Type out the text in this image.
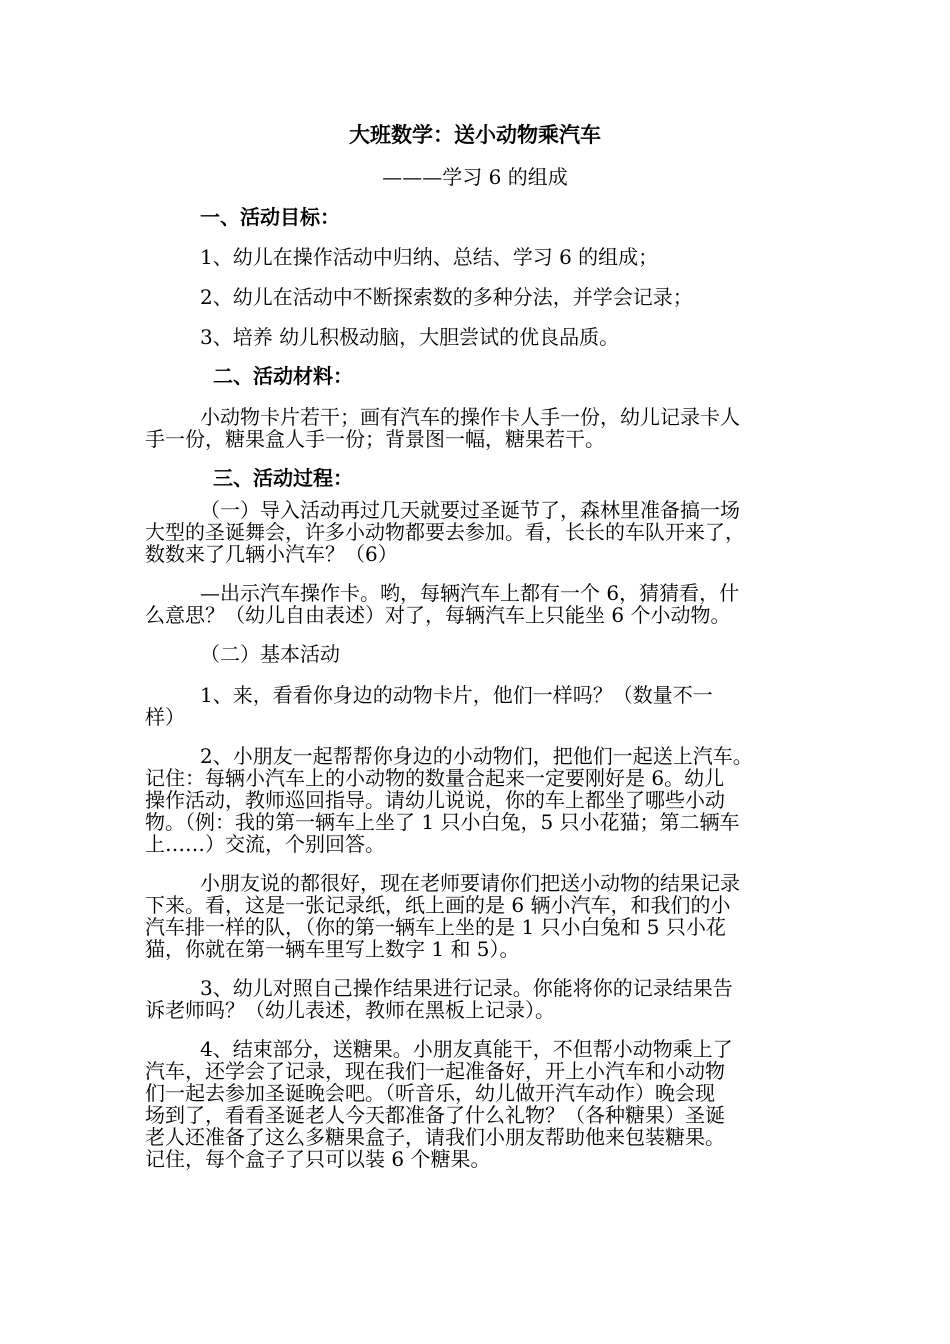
大班数学：送小动物乘汽车
———学习 6 的组成
一、活动目标：
1、幼儿在操作活动中归纳、总结、学习 6 的组成；
2、幼儿在活动中不断探索数的多种分法，并学会记录；
3、培养 幼儿积极动脑，大胆尝试的优良品质。
二、活动材料：
小动物卡片若干；画有汽车的操作卡人手一份，幼儿记录卡人
手一份，糖果盒人手一份；背景图一幅，糖果若干。
三、活动过程：
（一）导入活动再过几天就要过圣诞节了，森林里准备搞一场
大型的圣诞舞会，许多小动物都要去参加。看，长长的车队开来了，
数数来了几辆小汽车？（6）
—出示汽车操作卡。哟，每辆汽车上都有一个 6，猜猜看，什
么意思？（幼儿自由表述）对了，每辆汽车上只能坐 6 个小动物。
（二）基本活动
1、来，看看你身边的动物卡片，他们一样吗？（数量不一
样）
2、小朋友一起帮帮你身边的小动物们，把他们一起送上汽车。
记住：每辆小汽车上的小动物的数量合起来一定要刚好是 6。幼儿
操作活动，教师巡回指导。请幼儿说说，你的车上都坐了哪些小动
物。（例：我的第一辆车上坐了 1 只小白兔，5 只小花猫；第二辆车
上……）交流，个别回答。
小朋友说的都很好，现在老师要请你们把送小动物的结果记录
下来。看，这是一张记录纸，纸上画的是 6 辆小汽车，和我们的小
汽车排一样的队，（你的第一辆车上坐的是 1 只小白兔和 5 只小花
猫，你就在第一辆车里写上数字 1 和 5）。
3、幼儿对照自己操作结果进行记录。你能将你的记录结果告
诉老师吗？（幼儿表述，教师在黑板上记录）。
4、结束部分，送糖果。小朋友真能干，不但帮小动物乘上了
汽车，还学会了记录，现在我们一起准备好，开上小汽车和小动物
们一起去参加圣诞晚会吧。（听音乐，幼儿做开汽车动作）晚会现
场到了，看看圣诞老人今天都准备了什么礼物？（各种糖果）圣诞
老人还准备了这么多糖果盒子，请我们小朋友帮助他来包装糖果。
记住，每个盒子了只可以装 6 个糖果。
